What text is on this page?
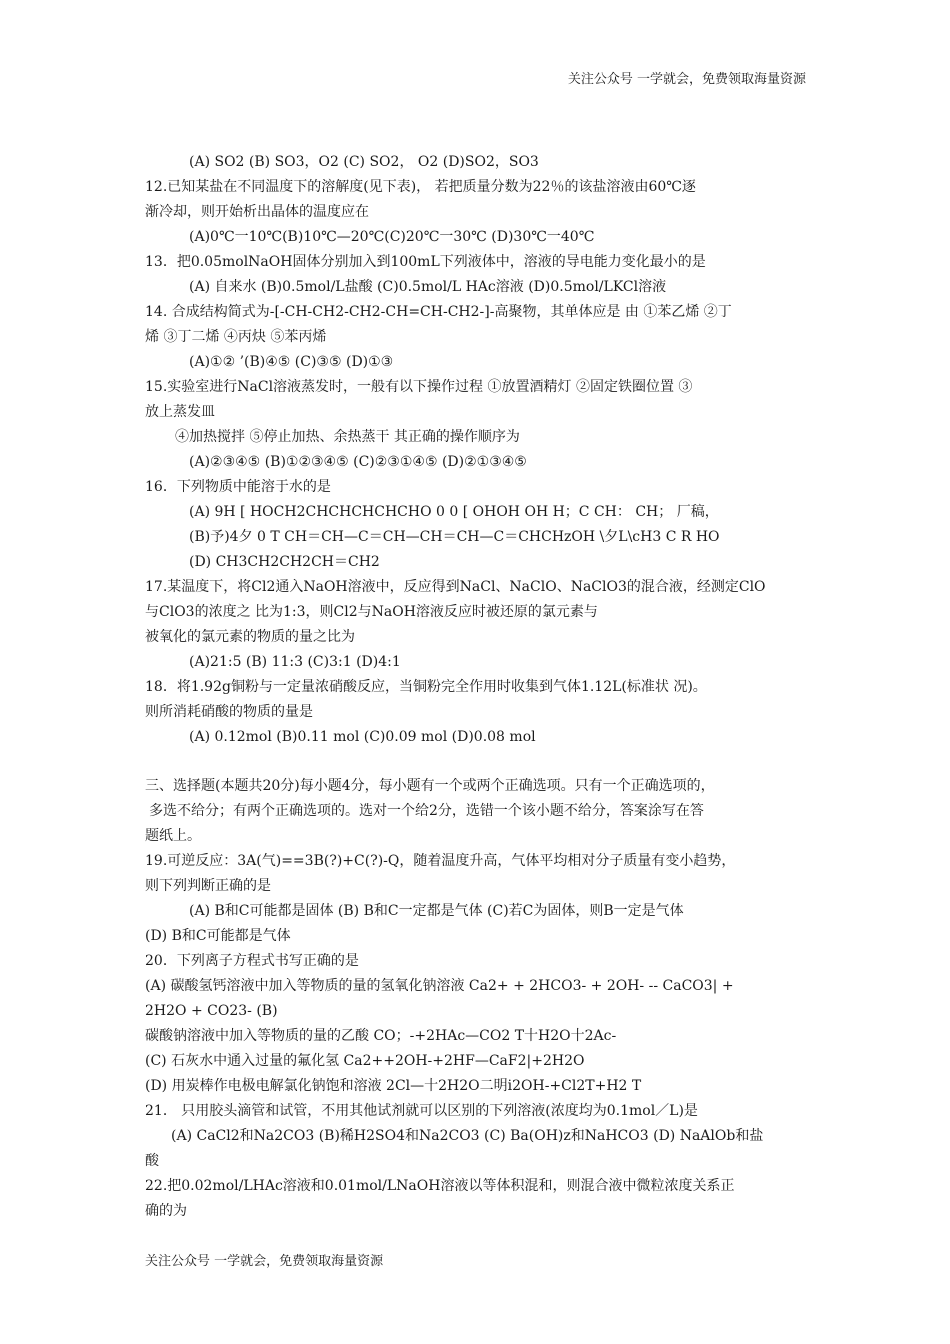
关注公众号 一学就会，免费领取海量资源
(A) SO2 (B) SO3，O2 (C) SO2， O2 (D)SO2，SO3
12.已知某盐在不同温度下的溶解度(见下表)， 若把质量分数为22％的该盐溶液由60℃逐
渐冷却，则开始析出晶体的温度应在
(A)0℃一10℃(B)10℃—20℃(C)20℃一30℃ (D)30℃一40℃
13．把0.05molNaOH固体分别加入到100mL下列液体中，溶液的导电能力变化最小的是
(A) 自来水 (B)0.5mol/L盐酸 (C)0.5mol/L HAc溶液 (D)0.5mol/LKCl溶液
14. 合成结构简式为-[-CH-CH2-CH2-CH=CH-CH2-]-高聚物，其单体应是 由 ①苯乙烯 ②丁
烯 ③丁二烯 ④丙炔 ⑤苯丙烯
(A)①② ’(B)④⑤ (C)③⑤ (D)①③
15.实验室进行NaCl溶液蒸发时，一般有以下操作过程 ①放置酒精灯 ②固定铁圈位置 ③
放上蒸发皿
④加热搅拌 ⑤停止加热、余热蒸干 其正确的操作顺序为
(A)②③④⑤ (B)①②③④⑤ (C)②③①④⑤ (D)②①③④⑤
16．下列物质中能溶于水的是
(A) 9H [ HOCH2CHCHCHCHCHO 0 0 [ OHOH OH H；C CH： CH； 厂稿，
(B)予)4夕 0 T CH＝CH—C＝CH—CH＝CH—C＝CHCHzOH \夕L\cH3 C R HO
(D) CH3CH2CH2CH＝CH2
17.某温度下，将Cl2通入NaOH溶液中，反应得到NaCl、NaClO、NaClO3的混合液，经测定ClO
与ClO3的浓度之 比为1:3，则Cl2与NaOH溶液反应时被还原的氯元素与
被氧化的氯元素的物质的量之比为
(A)21:5 (B) 11:3 (C)3:1 (D)4:1
18．将1.92g铜粉与一定量浓硝酸反应，当铜粉完全作用时收集到气体1.12L(标准状 况)。
则所消耗硝酸的物质的量是
(A) 0.12mol (B)0.11 mol (C)0.09 mol (D)0.08 mol
三、选择题(本题共20分)每小题4分，每小题有一个或两个正确选项。只有一个正确选项的，
多选不给分；有两个正确选项的。选对一个给2分，选错一个该小题不给分，答案涂写在答
题纸上。
19.可逆反应：3A(气)==3B(?)+C(?)-Q，随着温度升高，气体平均相对分子质量有变小趋势，
则下列判断正确的是
(A) B和C可能都是固体 (B) B和C一定都是气体 (C)若C为固体，则B一定是气体
(D) B和C可能都是气体
20．下列离子方程式书写正确的是
(A) 碳酸氢钙溶液中加入等物质的量的氢氧化钠溶液 Ca2+ + 2HCO3- + 2OH- -- CaCO3| +
2H2O + CO23- (B)
碳酸钠溶液中加入等物质的量的乙酸 CO；-+2HAc—CO2 T十H2O十2Ac-
(C) 石灰水中通入过量的氟化氢 Ca2++2OH-+2HF—CaF2|+2H2O
(D) 用炭棒作电极电解氯化钠饱和溶液 2Cl—十2H2O二明i2OH-+Cl2T+H2 T
21． 只用胶头滴管和试管，不用其他试剂就可以区别的下列溶液(浓度均为0.1mol／L)是
(A) CaCl2和Na2CO3 (B)稀H2SO4和Na2CO3 (C) Ba(OH)z和NaHCO3 (D) NaAlOb和盐
酸
22.把0.02mol/LHAc溶液和0.01mol/LNaOH溶液以等体积混和，则混合液中微粒浓度关系正
确的为
关注公众号 一学就会，免费领取海量资源
